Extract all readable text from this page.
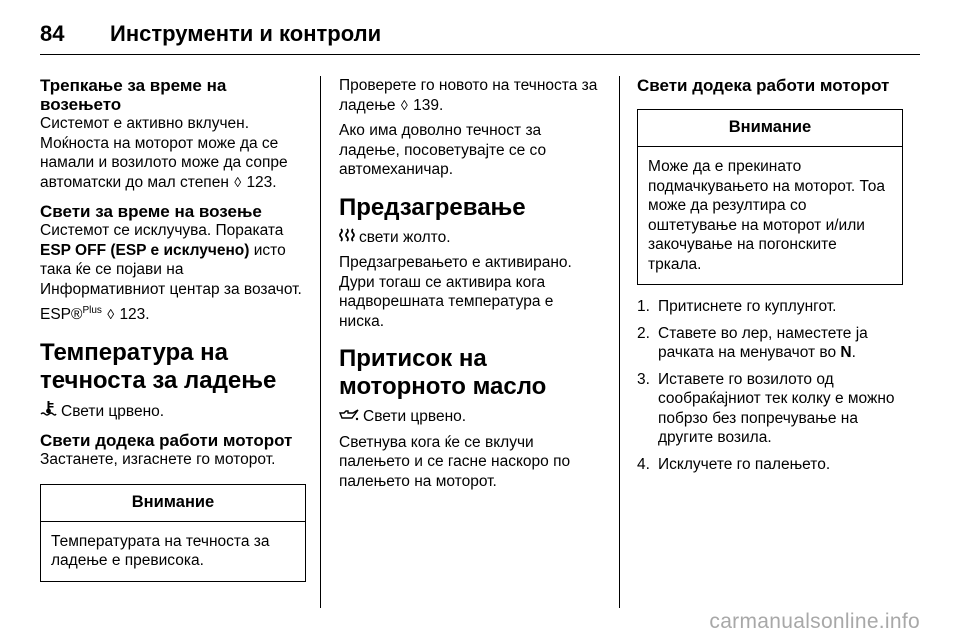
84	Инструменти и контроли
Трепкање за време на возењето

Системот е активно вклучен. Моќноста на моторот може да се намали и возилото може да сопре автоматски до мал степен ◊ 123.

Свети за време на возење

Системот се исклучува. Пораката ESP OFF (ESP е исклучено) исто така ќе се појави на Информативниот центар за возачот.

ESP®$^{Plus}$ ◊ 123.

Температура на течноста за ладење

Свети црвено.

Свети додека работи моторот

Застанете, изгаснете го моторот.

Внимание
Температурата на течноста за ладење е превисока.

Проверете го новото на течноста за ладење ◊ 139.

Ако има доволно течност за ладење, посоветувајте се со автомеханичар.

Предзагревање

свети жолто.

Предзагревањето е активирано. Дури тогаш се активира кога надворешната температура е ниска.

Притисок на моторното масло

Свети црвено.

Светнува кога ќе се вклучи палењето и се гасне наскоро по палењето на моторот.

Свети додека работи моторот
Внимание
Може да е прекинато подмачкувањето на моторот. Тоа може да резултира со оштетување на моторот и/или закочување на погонските тркала.
1. Притиснете го куплунгот.
2. Ставете во лер, наместете ја рачката на менувачот во N.
3. Иставете го возилото од сообраќајниот тек колку е можно побрзо без попречување на другите возила.
4. Исклучете го палењето.
carmanualsonline.info
